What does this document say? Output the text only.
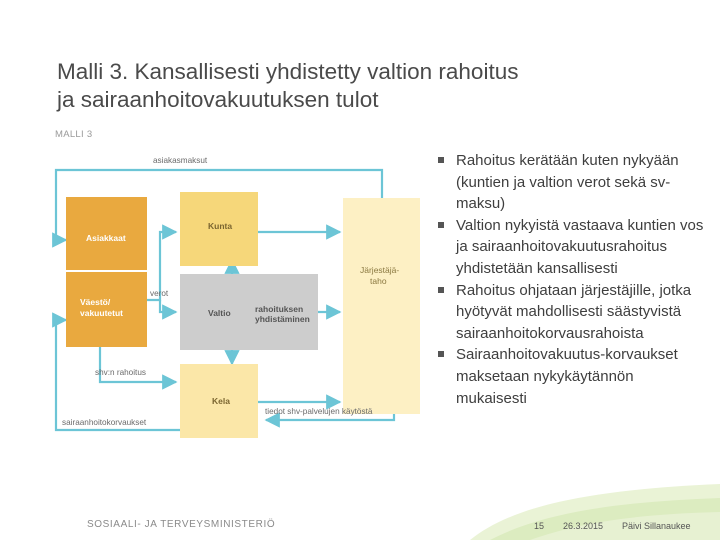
Malli 3. Kansallisesti yhdistetty valtion rahoitus
ja sairaanhoitovakuutuksen tulot
MALLI 3
Asiakkaat
Väestö/
vakuutetut
Kunta
Valtio	rahoituksen
yhdistäminen
Kela
Järjestäjä-
taho
asiakasmaksut
verot
shv:n rahoitus
sairaanhoitokorvaukset
tiedot shv-palvelujen käytöstä
Rahoitus kerätään kuten nykyään (kuntien ja valtion verot sekä sv-maksu)
Valtion nykyistä vastaava kuntien vos ja sairaanhoitovakuutusrahoitus yhdistetään kansallisesti
Rahoitus ohjataan järjestäjille, jotka hyötyvät mahdollisesti säästyvistä sairaanhoitokorvausrahoista
Sairaanhoitovakuutus-korvaukset maksetaan nykykäytännön mukaisesti
SOSIAALI- JA TERVEYSMINISTERIÖ	15 26.3.2015 Päivi Sillanaukee
